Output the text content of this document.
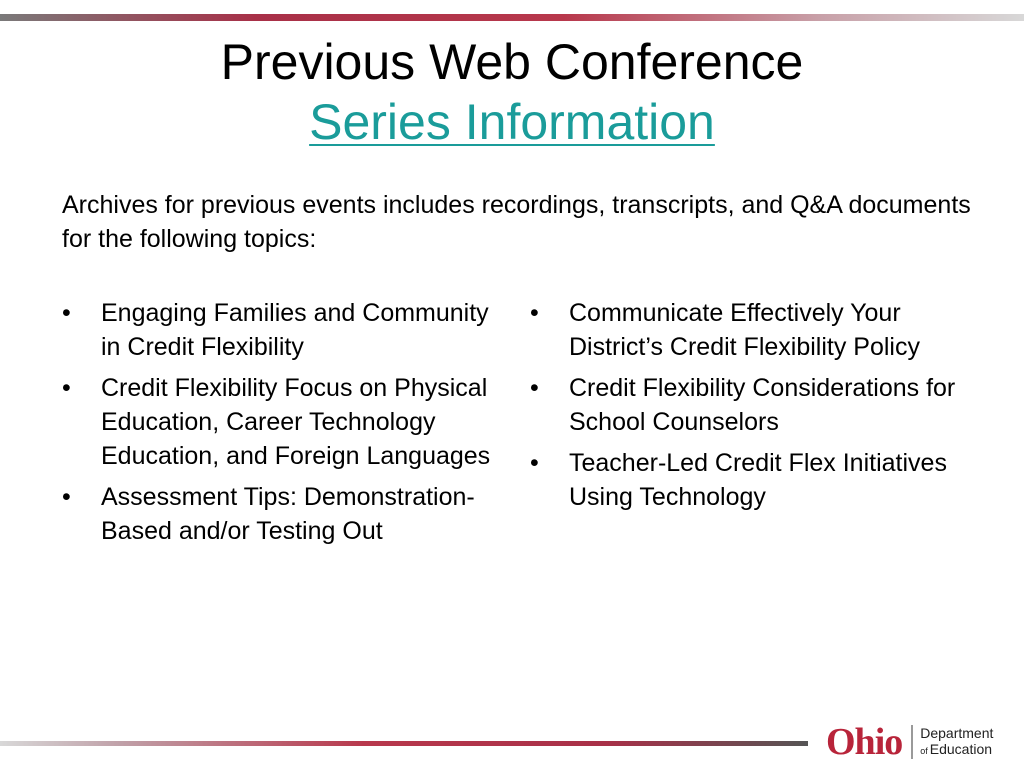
Previous Web Conference
Series Information
Archives for previous events includes recordings, transcripts, and Q&A documents for the following topics:
•	Engaging Families and Community in Credit Flexibility
•	Credit Flexibility Focus on Physical Education, Career Technology Education, and Foreign Languages
•	Assessment Tips: Demonstration-Based and/or Testing Out
•	Communicate Effectively Your District’s Credit Flexibility Policy
•	Credit Flexibility Considerations for School Counselors
•	Teacher-Led Credit Flex Initiatives Using Technology
Ohio Department
of Education
